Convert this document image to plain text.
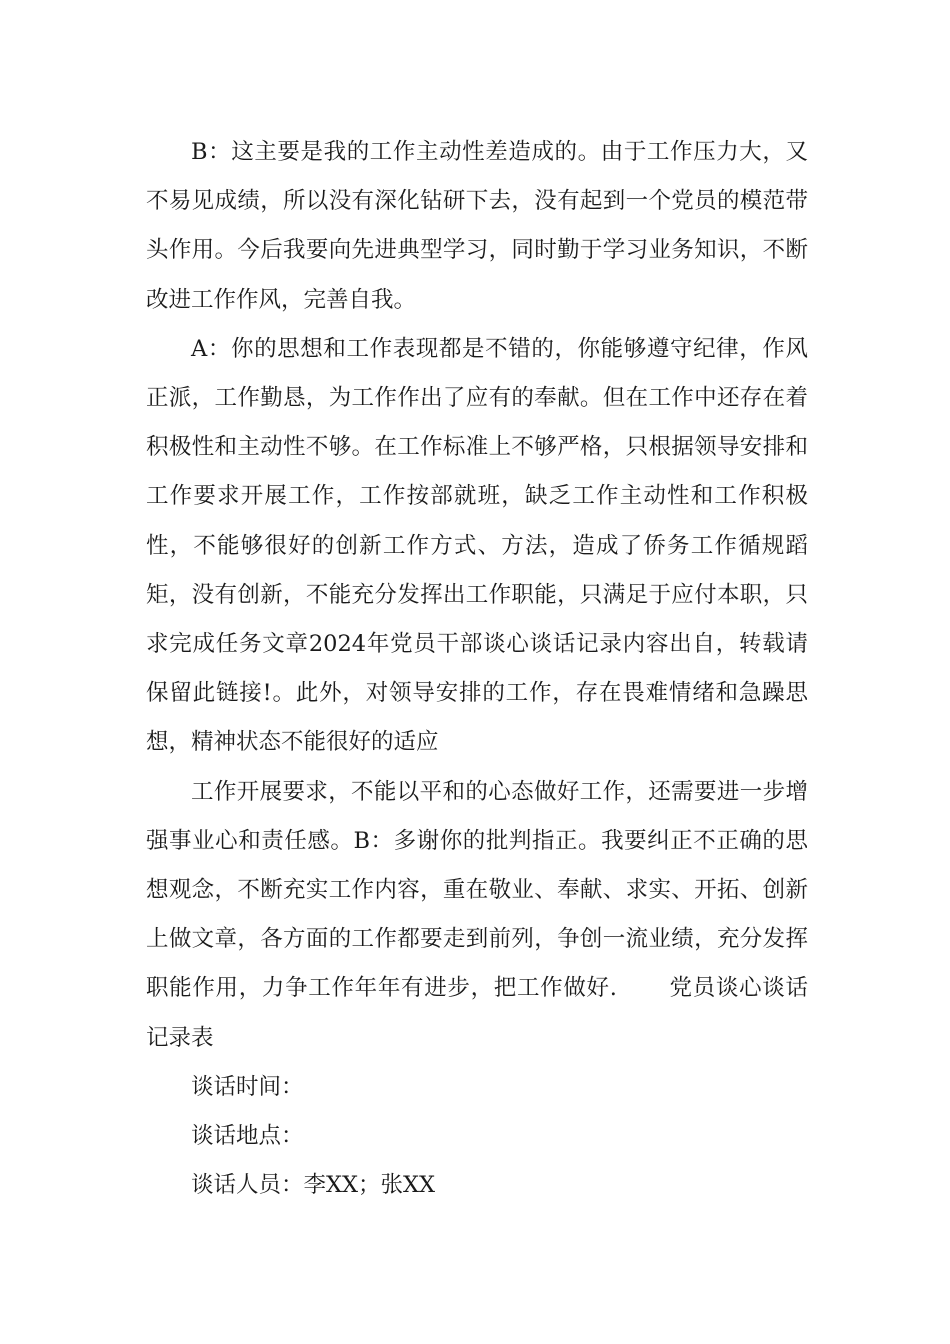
B：这主要是我的工作主动性差造成的。由于工作压力大，又不易见成绩，所以没有深化钻研下去，没有起到一个党员的模范带头作用。今后我要向先进典型学习，同时勤于学习业务知识，不断改进工作作风，完善自我。

A：你的思想和工作表现都是不错的，你能够遵守纪律，作风正派，工作勤恳，为工作作出了应有的奉献。但在工作中还存在着积极性和主动性不够。在工作标准上不够严格，只根据领导安排和工作要求开展工作，工作按部就班，缺乏工作主动性和工作积极性，不能够很好的创新工作方式、方法，造成了侨务工作循规蹈矩，没有创新，不能充分发挥出工作职能，只满足于应付本职，只求完成任务文章2024年党员干部谈心谈话记录内容出自，转载请保留此链接!。此外，对领导安排的工作，存在畏难情绪和急躁思想，精神状态不能很好的适应

工作开展要求，不能以平和的心态做好工作，还需要进一步增强事业心和责任感。B：多谢你的批判指正。我要纠正不正确的思想观念，不断充实工作内容，重在敬业、奉献、求实、开拓、创新上做文章，各方面的工作都要走到前列，争创一流业绩，充分发挥职能作用，力争工作年年有进步，把工作做好. 党员谈心谈话记录表

谈话时间：

谈话地点：

谈话人员：李XX；张XX
